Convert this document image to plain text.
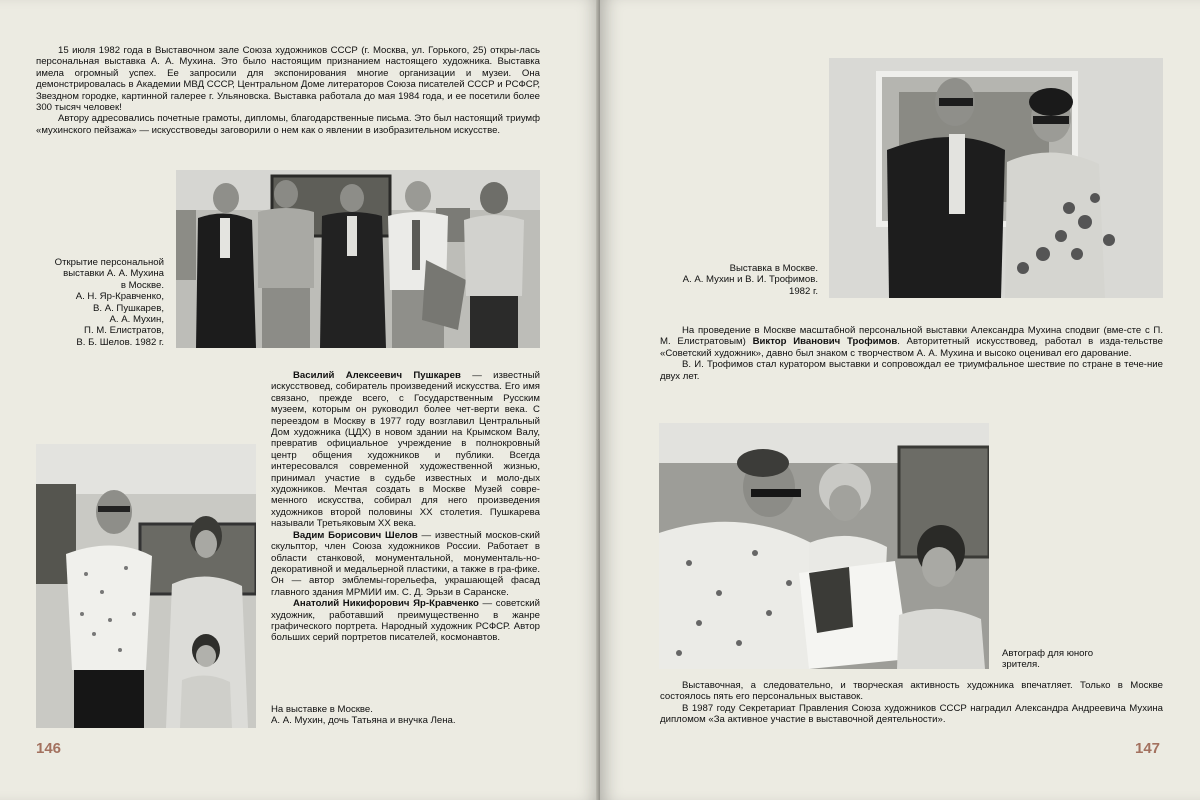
15 июля 1982 года в Выставочном зале Союза художников СССР (г. Москва, ул. Горького, 25) откры-лась персональная выставка А. А. Мухина. Это было настоящим признанием настоящего художника. Выставка имела огромный успех. Ее запросили для экспонирования многие организации и музеи. Она демонстрировалась в Академии МВД СССР, Центральном Доме литераторов Союза писателей СССР и РСФСР, Звездном городке, картинной галерее г. Ульяновска. Выставка работала до мая 1984 года, и ее посетили более 300 тысяч человек!

Автору адресовались почетные грамоты, дипломы, благодарственные письма. Это был настоящий триумф «мухинского пейзажа» — искусствоведы заговорили о нем как о явлении в изобразительном искусстве.

Открытие персональной
выставки А. А. Мухина
в Москве.
А. Н. Яр-Кравченко,
В. А. Пушкарев,
А. А. Мухин,
П. М. Елистратов,
В. Б. Шелов. 1982 г.

Василий Алексеевич Пушкарев — известный искусствовед, собиратель произведений искусства. Его имя связано, прежде всего, с Государственным Русским музеем, которым он руководил более чет-верти века. С переездом в Москву в 1977 году возглавил Центральный Дом художника (ЦДХ) в новом здании на Крымском Валу, превратив официальное учреждение в полнокровный центр общения художников и публики. Всегда интересовался современной художественной жизнью, принимал участие в судьбе известных и моло-дых художников. Мечтая создать в Москве Музей совре-менного искусства, собирал для него произведения художников второй половины XX столетия. Пушкарева называли Третьяковым XX века.

Вадим Борисович Шелов — известный москов-ский скульптор, член Союза художников России. Работает в области станковой, монументальной, монументаль-но-декоративной и медальерной пластики, а также в гра-фике. Он — автор эмблемы-горельефа, украшающей фасад главного здания МРМИИ им. С. Д. Эрьзи в Саранске.

Анатолий Никифорович Яр-Кравченко — советский художник, работавший преимущественно в жанре графического портрета. Народный художник РСФСР. Автор больших серий портретов писателей, космонавтов.

На выставке в Москве.
А. А. Мухин, дочь Татьяна и внучка Лена.
146
Выставка в Москве.
А. А. Мухин и В. И. Трофимов.
1982 г.

На проведение в Москве масштабной персональной выставки Александра Мухина сподвиг (вме-сте с П. М. Елистратовым) Виктор Иванович Трофимов. Авторитетный искусствовед, работал в изда-тельстве «Советский художник», давно был знаком с творчеством А. А. Мухина и высоко оценивал его дарование.

В. И. Трофимов стал куратором выставки и сопровождал ее триумфальное шествие по стране в тече-ние двух лет.

Автограф для юного
зрителя.

Выставочная, а следовательно, и творческая активность художника впечатляет. Только в Москве состоялось пять его персональных выставок.

В 1987 году Секретариат Правления Союза художников СССР наградил Александра Андреевича Мухина дипломом «За активное участие в выставочной деятельности».

147
